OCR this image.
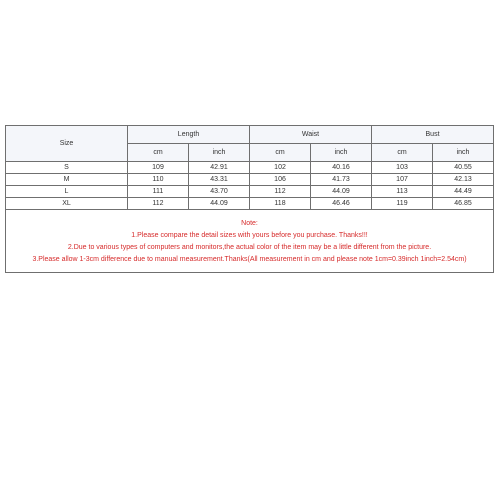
Size	Length		Waist		Bust	
	cm	inch	cm	inch	cm	inch
S	109	42.91	102	40.16	103	40.55
M	110	43.31	106	41.73	107	42.13
L	111	43.70	112	44.09	113	44.49
XL	112	44.09	118	46.46	119	46.85

Note:
1.Please compare the detail sizes with yours before you purchase. Thanks!!!
2.Due to various types of computers and monitors,the actual color of the item may be a little different from the picture.
3.Please allow 1-3cm difference due to manual measurement.Thanks(All measurement in cm and please note 1cm=0.39inch 1inch=2.54cm)						
